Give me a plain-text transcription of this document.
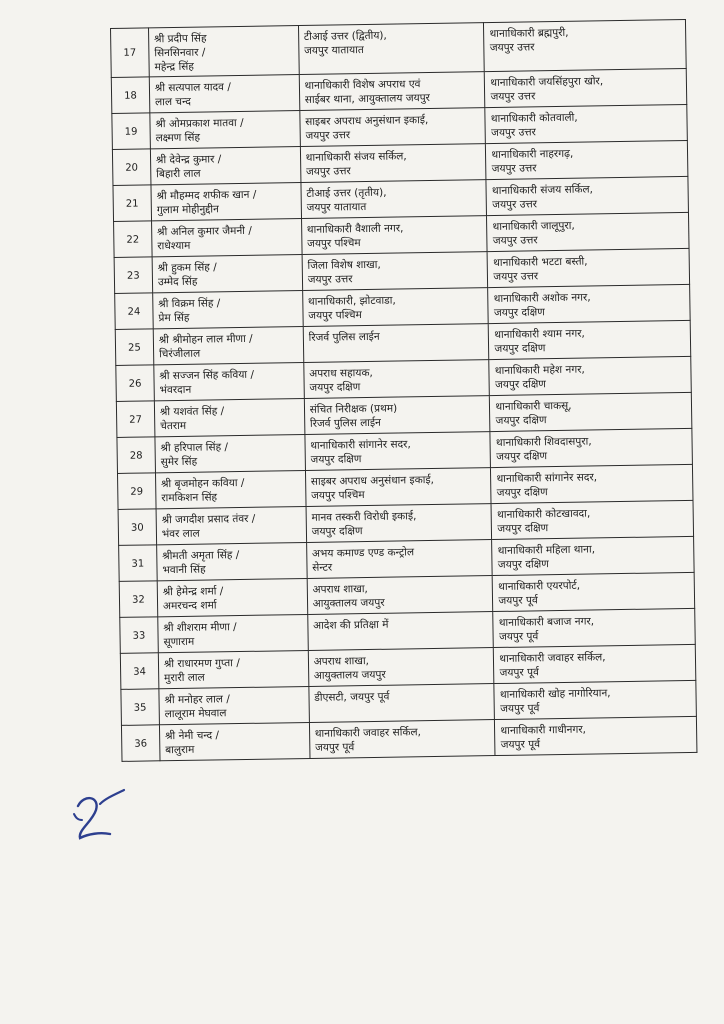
17	श्री प्रदीप सिंह
सिनसिनवार /
महेन्द्र सिंह	टीआई उत्तर (द्वितीय),
जयपुर यातायात	थानाधिकारी ब्रह्मपुरी,
जयपुर उत्तर

18	श्री सत्यपाल यादव /
लाल चन्द	थानाधिकारी विशेष अपराध एवं
साईबर थाना, आयुक्तालय जयपुर	थानाधिकारी जयसिंहपुरा खोर,
जयपुर उत्तर

19	श्री ओमप्रकाश मातवा /
लक्ष्मण सिंह	साइबर अपराध अनुसंधान इकाई,
जयपुर उत्तर	थानाधिकारी कोतवाली,
जयपुर उत्तर

20	श्री देवेन्द्र कुमार /
बिहारी लाल	थानाधिकारी संजय सर्किल,
जयपुर उत्तर	थानाधिकारी नाहरगढ़,
जयपुर उत्तर

21	श्री मौहम्मद शफीक खान /
गुलाम मोहीनुद्दीन	टीआई उत्तर (तृतीय),
जयपुर यातायात	थानाधिकारी संजय सर्किल,
जयपुर उत्तर

22	श्री अनिल कुमार जैमनी /
राधेश्याम	थानाधिकारी वैशाली नगर,
जयपुर पश्चिम	थानाधिकारी जालूपुरा,
जयपुर उत्तर

23	श्री हुकम सिंह /
उम्मेद सिंह	जिला विशेष शाखा,
जयपुर उत्तर	थानाधिकारी भटटा बस्ती,
जयपुर उत्तर

24	श्री विक्रम सिंह /
प्रेम सिंह	थानाधिकारी, झोटवाडा,
जयपुर पश्चिम	थानाधिकारी अशोक नगर,
जयपुर दक्षिण

25	श्री श्रीमोहन लाल मीणा /
चिरंजीलाल	रिजर्व पुलिस लाईन	थानाधिकारी श्याम नगर,
जयपुर दक्षिण

26	श्री सज्जन सिंह कविया /
भंवरदान	अपराध सहायक,
जयपुर दक्षिण	थानाधिकारी महेश नगर,
जयपुर दक्षिण

27	श्री यशवंत सिंह /
चेतराम	संचित निरीक्षक (प्रथम)
रिजर्व पुलिस लाईन	थानाधिकारी चाकसू,
जयपुर दक्षिण

28	श्री हरिपाल सिंह /
सुमेर सिंह	थानाधिकारी सांगानेर सदर,
जयपुर दक्षिण	थानाधिकारी शिवदासपुरा,
जयपुर दक्षिण

29	श्री बृजमोहन कविया /
रामकिशन सिंह	साइबर अपराध अनुसंधान इकाई,
जयपुर पश्चिम	थानाधिकारी सांगानेर सदर,
जयपुर दक्षिण

30	श्री जगदीश प्रसाद तंवर /
भंवर लाल	मानव तस्करी विरोधी इकाई,
जयपुर दक्षिण	थानाधिकारी कोटखावदा,
जयपुर दक्षिण

31	श्रीमती अमृता सिंह /
भवानी सिंह	अभय कमाण्ड एण्ड कन्ट्रोल
सेन्टर	थानाधिकारी महिला थाना,
जयपुर दक्षिण

32	श्री हेमेन्द्र शर्मा /
अमरचन्द शर्मा	अपराध शाखा,
आयुक्तालय जयपुर	थानाधिकारी एयरपोर्ट,
जयपुर पूर्व

33	श्री शीशराम मीणा /
सूणाराम	आदेश की प्रतिक्षा में	थानाधिकारी बजाज नगर,
जयपुर पूर्व

34	श्री राधारमण गुप्ता /
मुरारी लाल	अपराध शाखा,
आयुक्तालय जयपुर	थानाधिकारी जवाहर सर्किल,
जयपुर पूर्व

35	श्री मनोहर लाल /
लालूराम मेघवाल	डीएसटी, जयपुर पूर्व	थानाधिकारी खोह नागोरियान,
जयपुर पूर्व

36	श्री नेमी चन्द /
बालुराम	थानाधिकारी जवाहर सर्किल,
जयपुर पूर्व	थानाधिकारी गाधीनगर,
जयपुर पूर्व
